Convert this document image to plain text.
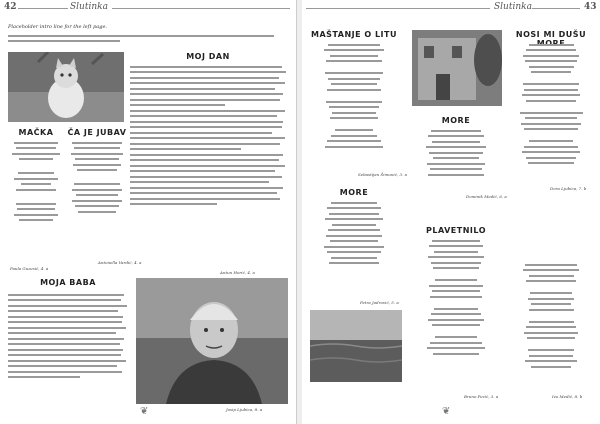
42	Slutinka
Placeholder intro line for the left page.
MOJ DAN
Antun Horić, 4. a
MAČKA
Paula Guzesić, 4. a
ČA JE JUBAV
Antonella Vardić, 4. a
MOJA BABA
Josip Ljubica, 8. a
❦
Slutinka	43
MAŠTANJE O LITU
Sebastijan Šimunić, 3. a
NOSI MI DUŠU
Dora Ljubica, 7. b
MORE
Dominik Medić, 6. a
MORE
Petra Jadrović, 5. a
PLAVETNILO
Bruno Pezić, 3. a	Ivo Medić, 8. b
❦
